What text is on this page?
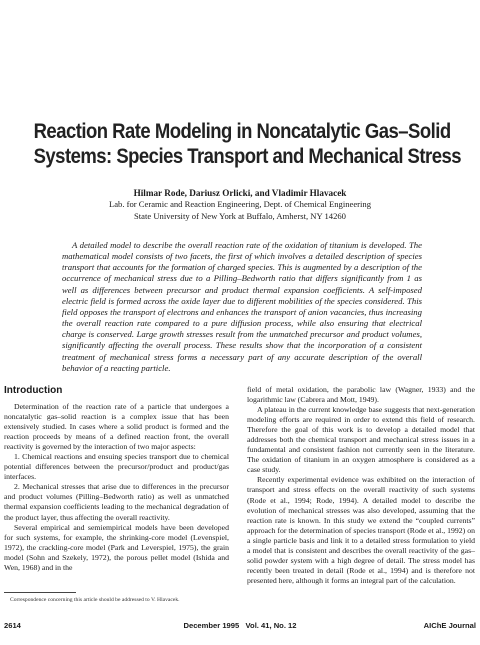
Reaction Rate Modeling in Noncatalytic Gas–Solid
Systems: Species Transport and Mechanical Stress
Hilmar Rode, Dariusz Orlicki, and Vladimir Hlavacek
Lab. for Ceramic and Reaction Engineering, Dept. of Chemical Engineering
State University of New York at Buffalo, Amherst, NY 14260

A detailed model to describe the overall reaction rate of the oxidation of titanium is developed. The mathematical model consists of two facets, the first of which involves a detailed description of species transport that accounts for the formation of charged species. This is augmented by a description of the occurrence of mechanical stress due to a Pilling–Bedworth ratio that differs significantly from 1 as well as differences between precursor and product thermal expansion coefficients. A self-imposed electric field is formed across the oxide layer due to different mobilities of the species considered. This field opposes the transport of electrons and enhances the transport of anion vacancies, thus increasing the overall reaction rate compared to a pure diffusion process, while also ensuring that electrical charge is conserved. Large growth stresses result from the unmatched precursor and product volumes, significantly affecting the overall process. These results show that the incorporation of a consistent treatment of mechanical stress forms a necessary part of any accurate description of the overall behavior of a reacting particle.

Introduction

Determination of the reaction rate of a particle that undergoes a noncatalytic gas–solid reaction is a complex issue that has been extensively studied. In cases where a solid product is formed and the reaction proceeds by means of a defined reaction front, the overall reactivity is governed by the interaction of two major aspects:

1. Chemical reactions and ensuing species transport due to chemical potential differences between the precursor/product and product/gas interfaces.

2. Mechanical stresses that arise due to differences in the precursor and product volumes (Pilling–Bedworth ratio) as well as unmatched thermal expansion coefficients leading to the mechanical degradation of the product layer, thus affecting the overall reactivity.

Several empirical and semiempirical models have been developed for such systems, for example, the shrinking-core model (Levenspiel, 1972), the crackling-core model (Park and Leverspiel, 1975), the grain model (Sohn and Szekely, 1972), the porous pellet model (Ishida and Wen, 1968) and in the

field of metal oxidation, the parabolic law (Wagner, 1933) and the logarithmic law (Cabrera and Mott, 1949).

A plateau in the current knowledge base suggests that next-generation modeling efforts are required in order to extend this field of research. Therefore the goal of this work is to develop a detailed model that addresses both the chemical transport and mechanical stress issues in a fundamental and consistent fashion not currently seen in the literature. The oxidation of titanium in an oxygen atmosphere is considered as a case study.

Recently experimental evidence was exhibited on the interaction of transport and stress effects on the overall reactivity of such systems (Rode et al., 1994; Rode, 1994). A detailed model to describe the evolution of mechanical stresses was also developed, assuming that the reaction rate is known. In this study we extend the “coupled currents” approach for the determination of species transport (Rode et al., 1992) on a single particle basis and link it to a detailed stress formulation to yield a model that is consistent and describes the overall reactivity of the gas–solid powder system with a high degree of detail. The stress model has recently been treated in detail (Rode et al., 1994) and is therefore not presented here, although it forms an integral part of the calculation.

Correspondence concerning this article should be addressed to V. Hlavacek.
2614	December 1995   Vol. 41, No. 12	AIChE Journal
